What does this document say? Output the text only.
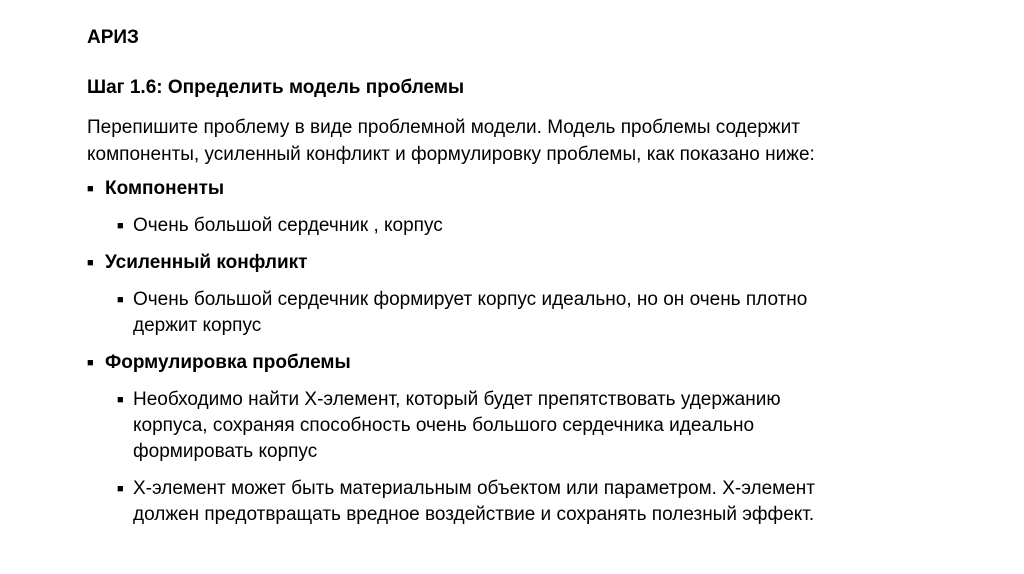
АРИЗ
Шаг 1.6: Определить модель проблемы
Перепишите проблему в виде проблемной модели. Модель проблемы содержит
компоненты, усиленный конфликт и формулировку проблемы, как показано ниже:
■ Компоненты
■ Очень большой сердечник , корпус
■ Усиленный конфликт
■ Очень большой сердечник формирует корпус идеально, но он очень плотно
держит корпус
■ Формулировка проблемы
■ Необходимо найти Х-элемент, который будет препятствовать удержанию
корпуса, сохраняя способность очень большого сердечника идеально
формировать корпус
■ Х-элемент может быть материальным объектом или параметром. Х-элемент
должен предотвращать вредное воздействие и сохранять полезный эффект.
